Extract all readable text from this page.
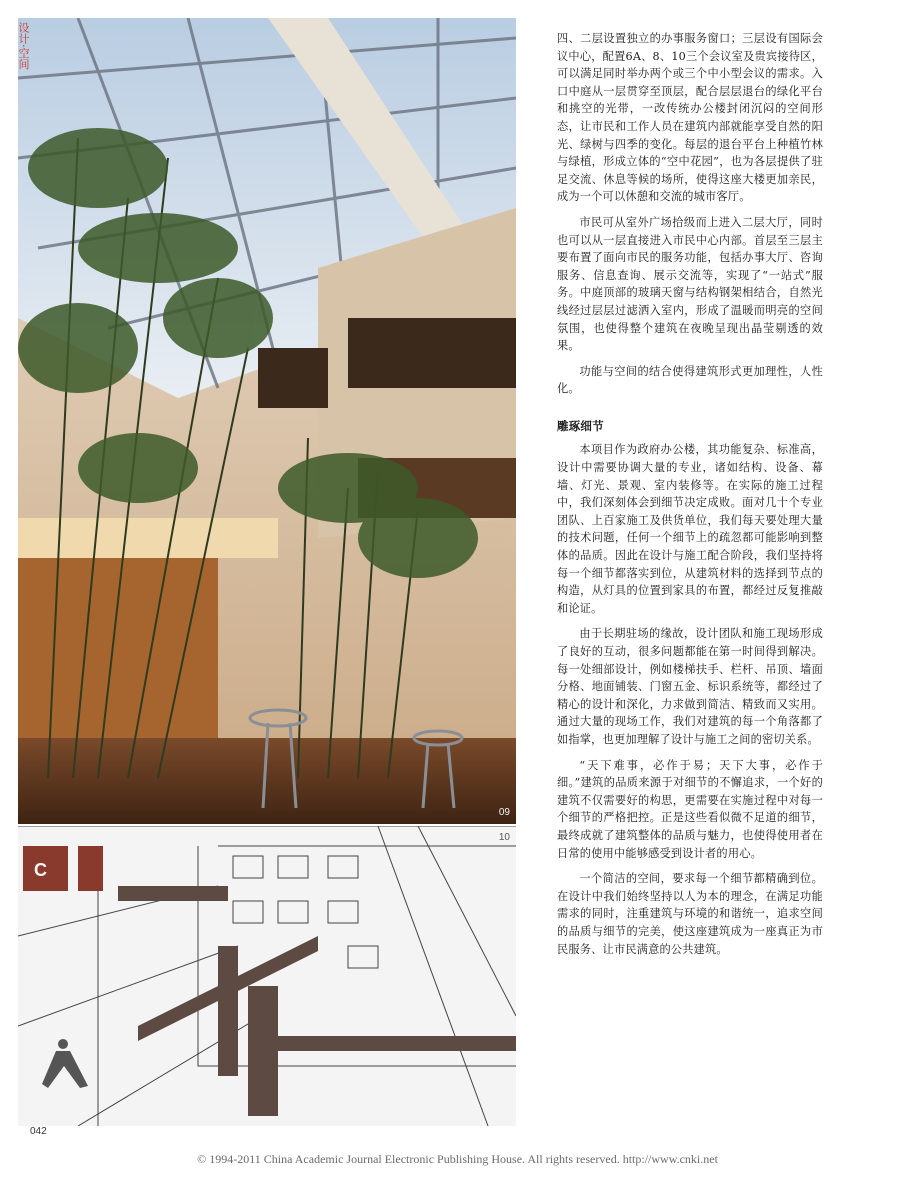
09
设计·空间
C
10

四、二层设置独立的办事服务窗口；三层设有国际会议中心，配置6A、8、10三个会议室及贵宾接待区，可以满足同时举办两个或三个中小型会议的需求。入口中庭从一层贯穿至顶层，配合层层退台的绿化平台和挑空的光带，一改传统办公楼封闭沉闷的空间形态，让市民和工作人员在建筑内部就能享受自然的阳光、绿树与四季的变化。每层的退台平台上种植竹林与绿植，形成立体的“空中花园”，也为各层提供了驻足交流、休息等候的场所，使得这座大楼更加亲民，成为一个可以休憩和交流的城市客厅。

市民可从室外广场拾级而上进入二层大厅，同时也可以从一层直接进入市民中心内部。首层至三层主要布置了面向市民的服务功能，包括办事大厅、咨询服务、信息查询、展示交流等，实现了“一站式”服务。中庭顶部的玻璃天窗与结构钢架相结合，自然光线经过层层过滤洒入室内，形成了温暖而明亮的空间氛围，也使得整个建筑在夜晚呈现出晶莹剔透的效果。

功能与空间的结合使得建筑形式更加理性，人性化。

雕琢细节

本项目作为政府办公楼，其功能复杂、标准高，设计中需要协调大量的专业，诸如结构、设备、幕墙、灯光、景观、室内装修等。在实际的施工过程中，我们深刻体会到细节决定成败。面对几十个专业团队、上百家施工及供货单位，我们每天要处理大量的技术问题，任何一个细节上的疏忽都可能影响到整体的品质。因此在设计与施工配合阶段，我们坚持将每一个细节都落实到位，从建筑材料的选择到节点的构造，从灯具的位置到家具的布置，都经过反复推敲和论证。

由于长期驻场的缘故，设计团队和施工现场形成了良好的互动，很多问题都能在第一时间得到解决。每一处细部设计，例如楼梯扶手、栏杆、吊顶、墙面分格、地面铺装、门窗五金、标识系统等，都经过了精心的设计和深化，力求做到简洁、精致而又实用。通过大量的现场工作，我们对建筑的每一个角落都了如指掌，也更加理解了设计与施工之间的密切关系。

“天下难事，必作于易；天下大事，必作于细。”建筑的品质来源于对细节的不懈追求，一个好的建筑不仅需要好的构思，更需要在实施过程中对每一个细节的严格把控。正是这些看似微不足道的细节，最终成就了建筑整体的品质与魅力，也使得使用者在日常的使用中能够感受到设计者的用心。

一个简洁的空间，要求每一个细节都精确到位。在设计中我们始终坚持以人为本的理念，在满足功能需求的同时，注重建筑与环境的和谐统一，追求空间的品质与细节的完美，使这座建筑成为一座真正为市民服务、让市民满意的公共建筑。

042
© 1994-2011 China Academic Journal Electronic Publishing House. All rights reserved. http://www.cnki.net
